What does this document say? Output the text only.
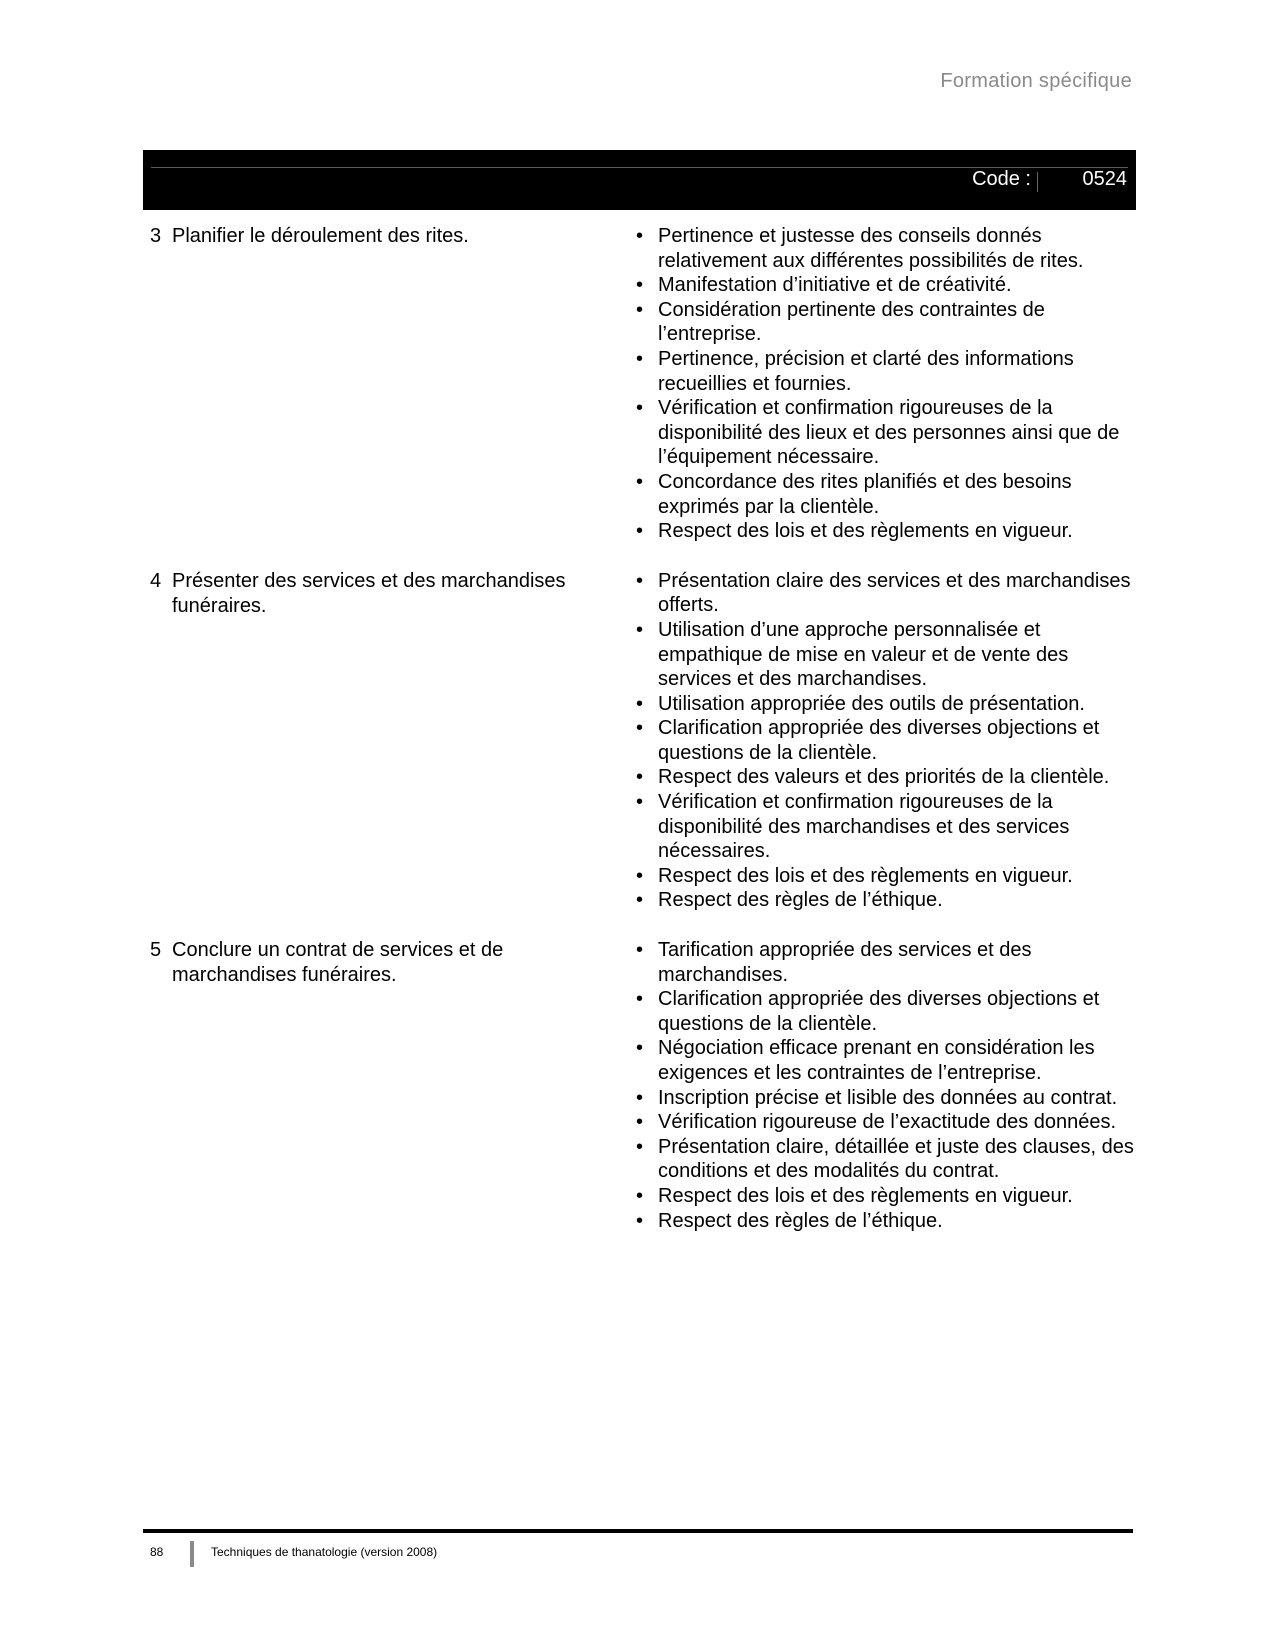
Formation spécifique
Code :	0524
3 Planifier le déroulement des rites.
•	Pertinence et justesse des conseils donnés relativement aux différentes possibilités de rites.
• Manifestation d’initiative et de créativité.
• Considération pertinente des contraintes de l’entreprise.
• Pertinence, précision et clarté des informations recueillies et fournies.
• Vérification et confirmation rigoureuses de la disponibilité des lieux et des personnes ainsi que de l’équipement nécessaire.
• Concordance des rites planifiés et des besoins exprimés par la clientèle.
• Respect des lois et des règlements en vigueur.
4 Présenter des services et des marchandises funéraires.
• Présentation claire des services et des marchandises offerts.
• Utilisation d’une approche personnalisée et empathique de mise en valeur et de vente des services et des marchandises.
• Utilisation appropriée des outils de présentation.
• Clarification appropriée des diverses objections et questions de la clientèle.
• Respect des valeurs et des priorités de la clientèle.
• Vérification et confirmation rigoureuses de la disponibilité des marchandises et des services nécessaires.
• Respect des lois et des règlements en vigueur.
• Respect des règles de l’éthique.
5 Conclure un contrat de services et de marchandises funéraires.
• Tarification appropriée des services et des marchandises.
• Clarification appropriée des diverses objections et questions de la clientèle.
• Négociation efficace prenant en considération les exigences et les contraintes de l’entreprise.
• Inscription précise et lisible des données au contrat.
• Vérification rigoureuse de l’exactitude des données.
• Présentation claire, détaillée et juste des clauses, des conditions et des modalités du contrat.
• Respect des lois et des règlements en vigueur.
• Respect des règles de l’éthique.
88	Techniques de thanatologie (version 2008)
